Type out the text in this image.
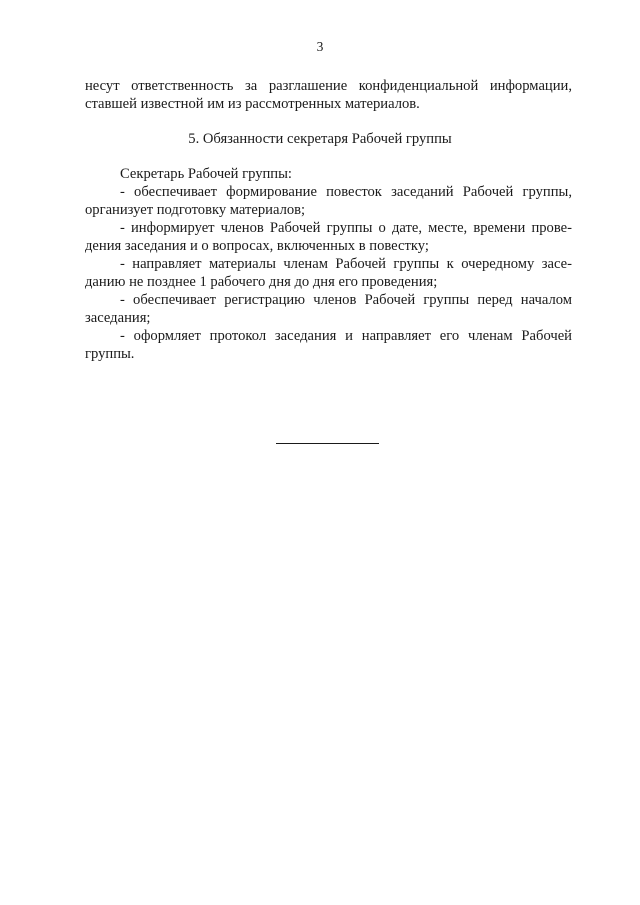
3
несут ответственность за разглашение конфиденциальной информации,
ставшей известной им из рассмотренных материалов.
5. Обязанности секретаря Рабочей группы
Секретарь Рабочей группы:
- обеспечивает формирование повесток заседаний Рабочей группы,
организует подготовку материалов;
- информирует членов Рабочей группы о дате, месте, времени прове-
дения заседания и о вопросах, включенных в повестку;
- направляет материалы членам Рабочей группы к очередному засе-
данию не позднее 1 рабочего дня до дня его проведения;
- обеспечивает регистрацию членов Рабочей группы перед началом
заседания;
- оформляет протокол заседания и направляет его членам Рабочей
группы.
